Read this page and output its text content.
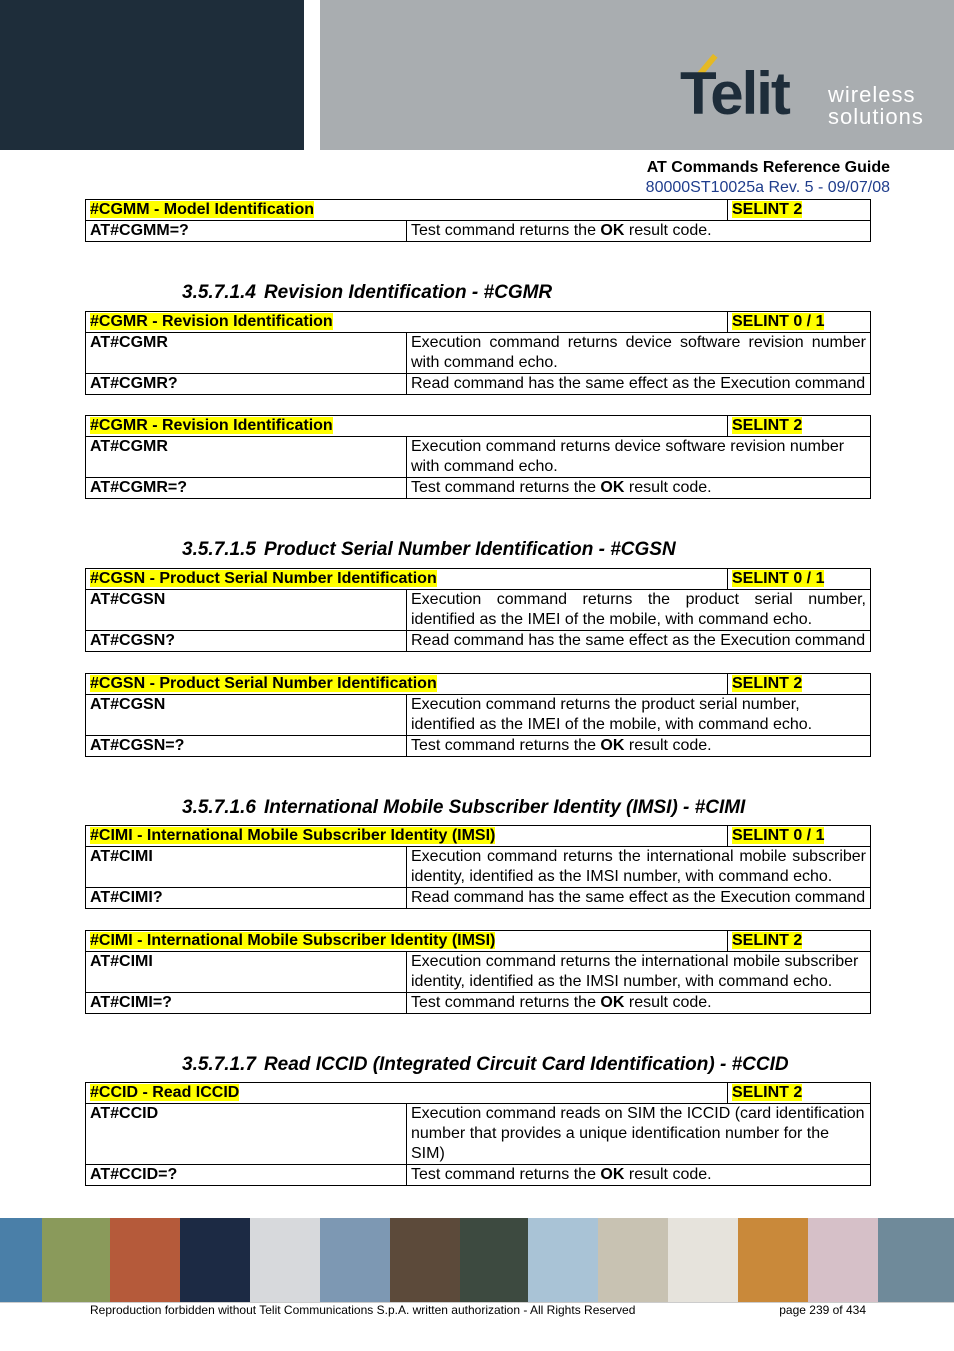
Telit wireless
solutions
AT Commands Reference Guide
80000ST10025a Rev. 5 - 09/07/08
#CGMM - Model Identification		SELINT 2
AT#CGMM=?	Test command returns the OK result code.	
3.5.7.1.4 Revision Identification - #CGMR
#CGMR - Revision Identification		SELINT 0 / 1
AT#CGMR	Execution command returns device software revision number with command echo.	
AT#CGMR?	Read command has the same effect as the Execution command	
#CGMR - Revision Identification		SELINT 2
AT#CGMR	Execution command returns device software revision number with command echo.	
AT#CGMR=?	Test command returns the OK result code.	
3.5.7.1.5 Product Serial Number Identification - #CGSN
#CGSN - Product Serial Number Identification		SELINT 0 / 1
AT#CGSN	Execution command returns the product serial number, identified as the IMEI of the mobile, with command echo.	
AT#CGSN?	Read command has the same effect as the Execution command	
#CGSN - Product Serial Number Identification		SELINT 2
AT#CGSN	Execution command returns the product serial number, identified as the IMEI of the mobile, with command echo.	
AT#CGSN=?	Test command returns the OK result code.	
3.5.7.1.6 International Mobile Subscriber Identity (IMSI) - #CIMI
#CIMI - International Mobile Subscriber Identity (IMSI)		SELINT 0 / 1
AT#CIMI	Execution command returns the international mobile subscriber identity, identified as the IMSI number, with command echo.	
AT#CIMI?	Read command has the same effect as the Execution command	
#CIMI - International Mobile Subscriber Identity (IMSI)		SELINT 2
AT#CIMI	Execution command returns the international mobile subscriber identity, identified as the IMSI number, with command echo.	
AT#CIMI=?	Test command returns the OK result code.	
3.5.7.1.7 Read ICCID (Integrated Circuit Card Identification) - #CCID
#CCID - Read ICCID		SELINT 2
AT#CCID	Execution command reads on SIM the ICCID (card identification number that provides a unique identification number for the SIM)	
AT#CCID=?	Test command returns the OK result code.	
Reproduction forbidden without Telit Communications S.p.A. written authorization - All Rights Reserved	page 239 of 434
